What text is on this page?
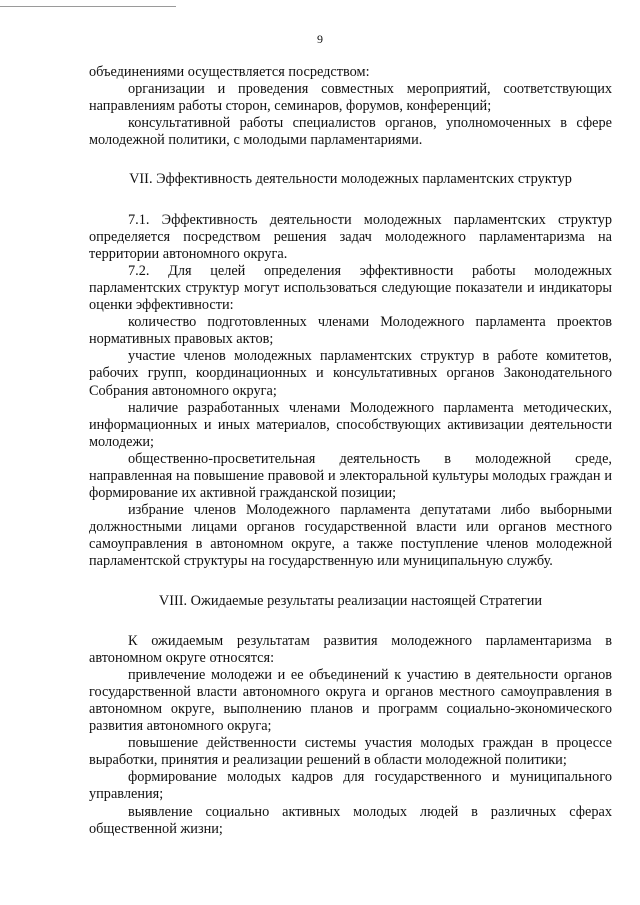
9

объединениями осуществляется посредством:

организации и проведения совместных мероприятий, соответствующих направлениям работы сторон, семинаров, форумов, конференций;

консультативной работы специалистов органов, уполномоченных в сфере молодежной политики, с молодыми парламентариями.

VII. Эффективность деятельности молодежных парламентских структур

7.1. Эффективность деятельности молодежных парламентских структур определяется посредством решения задач молодежного парламентаризма на территории автономного округа.

7.2. Для целей определения эффективности работы молодежных парламентских структур могут использоваться следующие показатели и индикаторы оценки эффективности:

количество подготовленных членами Молодежного парламента проектов нормативных правовых актов;

участие членов молодежных парламентских структур в работе комитетов, рабочих групп, координационных и консультативных органов Законодательного Собрания автономного округа;

наличие разработанных членами Молодежного парламента методических, информационных и иных материалов, способствующих активизации деятельности молодежи;

общественно-просветительная деятельность в молодежной среде, направленная на повышение правовой и электоральной культуры молодых граждан и формирование их активной гражданской позиции;

избрание членов Молодежного парламента депутатами либо выборными должностными лицами органов государственной власти или органов местного самоуправления в автономном округе, а также поступление членов молодежной парламентской структуры на государственную или муниципальную службу.

VIII. Ожидаемые результаты реализации настоящей Стратегии

К ожидаемым результатам развития молодежного парламентаризма в автономном округе относятся:

привлечение молодежи и ее объединений к участию в деятельности органов государственной власти автономного округа и органов местного самоуправления в автономном округе, выполнению планов и программ социально-экономического развития автономного округа;

повышение действенности системы участия молодых граждан в процессе выработки, принятия и реализации решений в области молодежной политики;

формирование молодых кадров для государственного и муниципального управления;

выявление социально активных молодых людей в различных сферах общественной жизни;
